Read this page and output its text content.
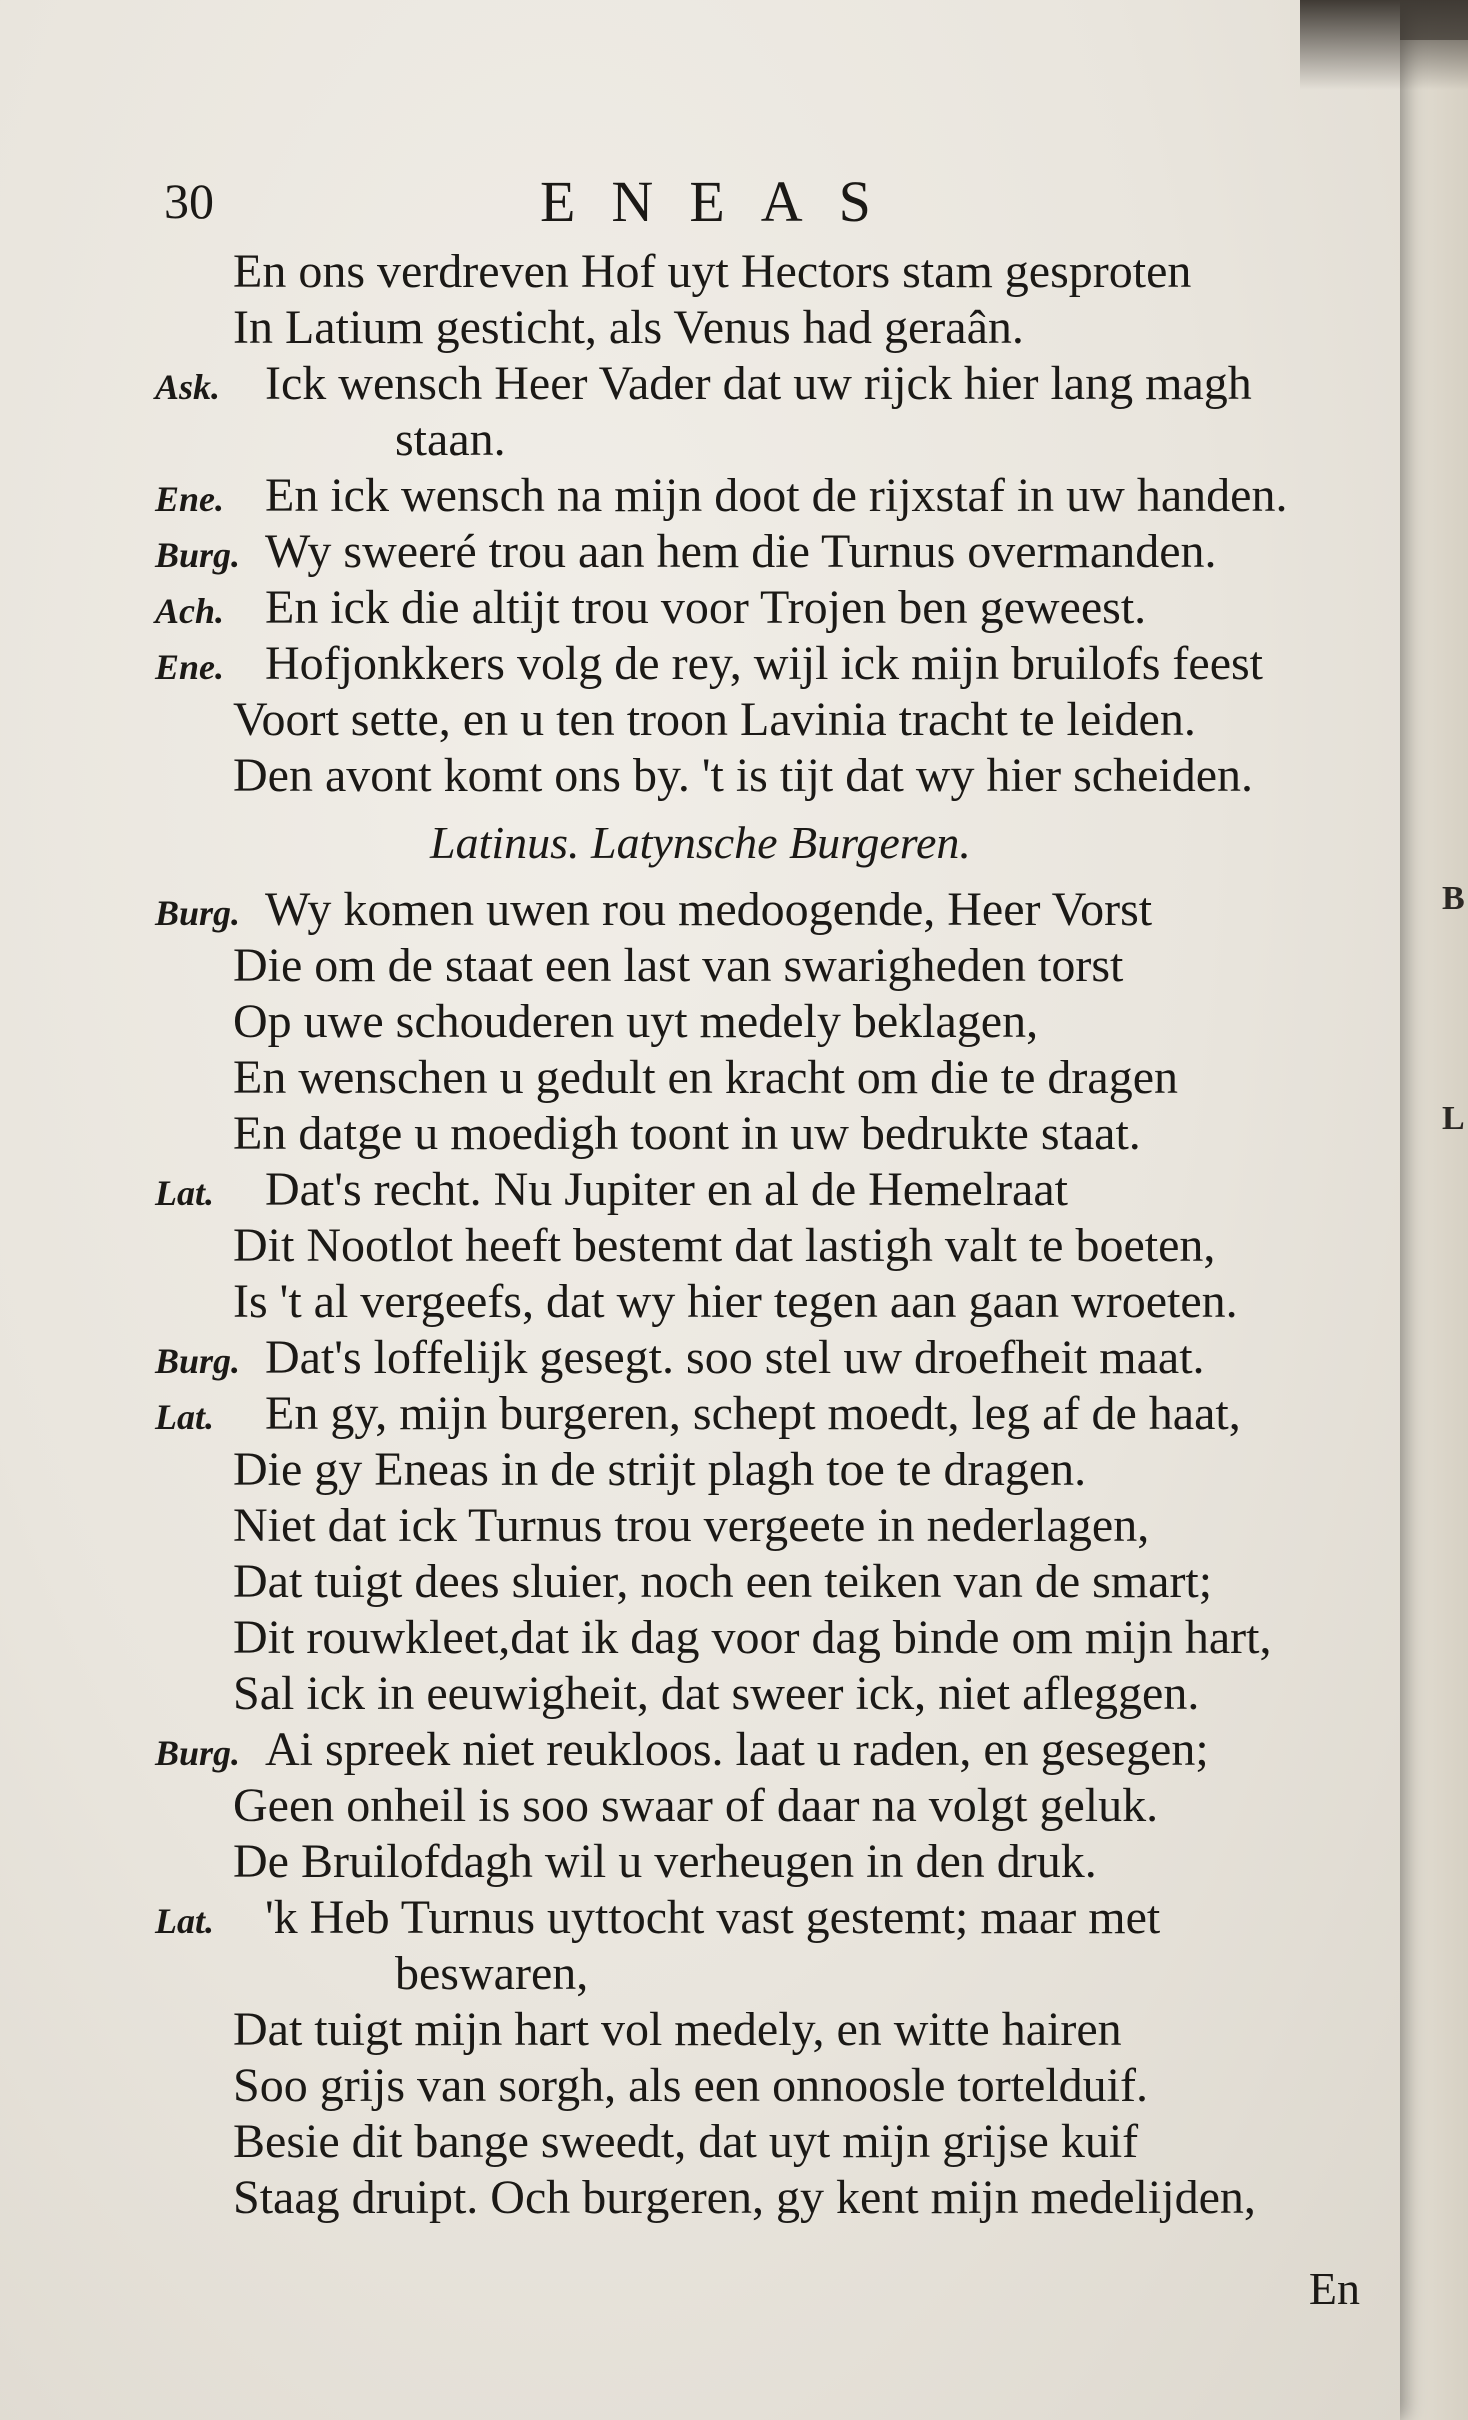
B
L
30	ENEAS
En ons verdreven Hof uyt Hectors stam gesproten
In Latium gesticht, als Venus had geraân.
Ask. Ick wensch Heer Vader dat uw rijck hier lang magh
staan.
Ene. En ick wensch na mijn doot de rijxstaf in uw handen.
Burg. Wy sweeré trou aan hem die Turnus overmanden.
Ach. En ick die altijt trou voor Trojen ben geweest.
Ene. Hofjonkkers volg de rey, wijl ick mijn bruilofs feest
Voort sette, en u ten troon Lavinia tracht te leiden.
Den avont komt ons by. 't is tijt dat wy hier scheiden.
Latinus. Latynsche Burgeren.
Burg. Wy komen uwen rou medoogende, Heer Vorst
Die om de staat een last van swarigheden torst
Op uwe schouderen uyt medely beklagen,
En wenschen u gedult en kracht om die te dragen
En datge u moedigh toont in uw bedrukte staat.
Lat. Dat's recht. Nu Jupiter en al de Hemelraat
Dit Nootlot heeft bestemt dat lastigh valt te boeten,
Is 't al vergeefs, dat wy hier tegen aan gaan wroeten.
Burg. Dat's loffelijk gesegt. soo stel uw droefheit maat.
Lat. En gy, mijn burgeren, schept moedt, leg af de haat,
Die gy Eneas in de strijt plagh toe te dragen.
Niet dat ick Turnus trou vergeete in nederlagen,
Dat tuigt dees sluier, noch een teiken van de smart;
Dit rouwkleet,dat ik dag voor dag binde om mijn hart,
Sal ick in eeuwigheit, dat sweer ick, niet afleggen.
Burg. Ai spreek niet reukloos. laat u raden, en gesegen;
Geen onheil is soo swaar of daar na volgt geluk.
De Bruilofdagh wil u verheugen in den druk.
Lat. 'k Heb Turnus uyttocht vast gestemt; maar met
beswaren,
Dat tuigt mijn hart vol medely, en witte hairen
Soo grijs van sorgh, als een onnoosle tortelduif.
Besie dit bange sweedt, dat uyt mijn grijse kuif
Staag druipt. Och burgeren, gy kent mijn medelijden,
En
